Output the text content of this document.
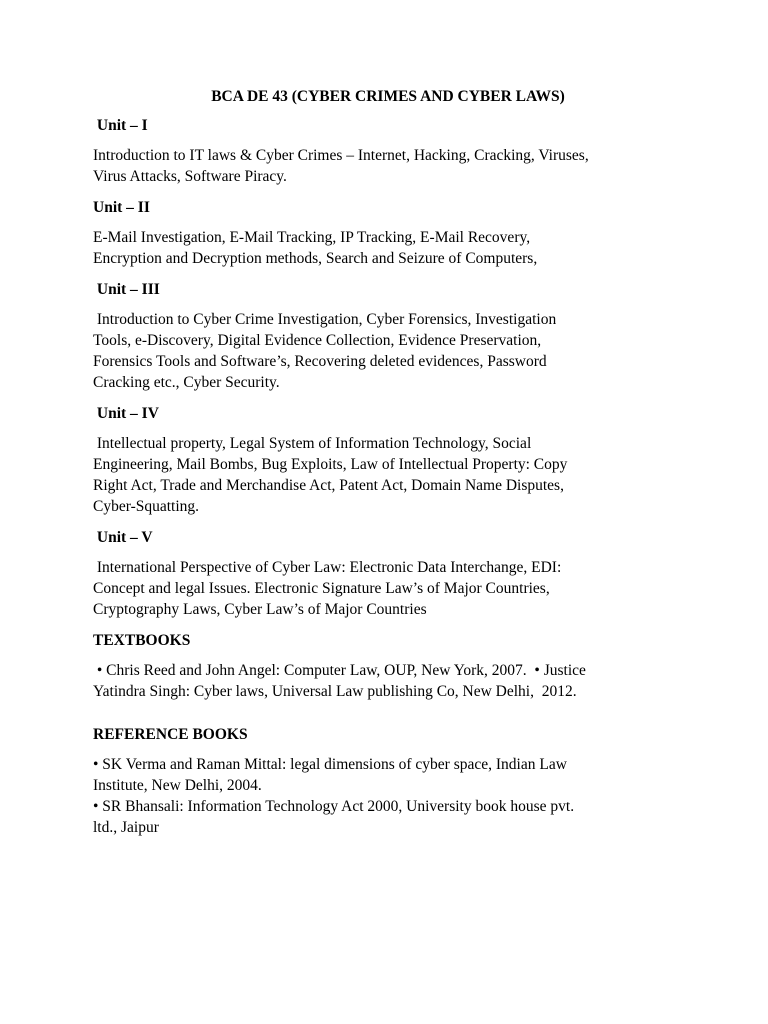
BCA DE 43 (CYBER CRIMES AND CYBER LAWS)
Unit – I
Introduction to IT laws & Cyber Crimes – Internet, Hacking, Cracking, Viruses,
Virus Attacks, Software Piracy.
Unit – II
E-Mail Investigation, E-Mail Tracking, IP Tracking, E-Mail Recovery,
Encryption and Decryption methods, Search and Seizure of Computers,
Unit – III
Introduction to Cyber Crime Investigation, Cyber Forensics, Investigation
Tools, e-Discovery, Digital Evidence Collection, Evidence Preservation,
Forensics Tools and Software’s, Recovering deleted evidences, Password
Cracking etc., Cyber Security.
Unit – IV
Intellectual property, Legal System of Information Technology, Social
Engineering, Mail Bombs, Bug Exploits, Law of Intellectual Property: Copy
Right Act, Trade and Merchandise Act, Patent Act, Domain Name Disputes,
Cyber-Squatting.
Unit – V
International Perspective of Cyber Law: Electronic Data Interchange, EDI:
Concept and legal Issues. Electronic Signature Law’s of Major Countries,
Cryptography Laws, Cyber Law’s of Major Countries
TEXTBOOKS
• Chris Reed and John Angel: Computer Law, OUP, New York, 2007.  • Justice
Yatindra Singh: Cyber laws, Universal Law publishing Co, New Delhi,  2012.
REFERENCE BOOKS
• SK Verma and Raman Mittal: legal dimensions of cyber space, Indian Law
Institute, New Delhi, 2004.
• SR Bhansali: Information Technology Act 2000, University book house pvt.
ltd., Jaipur
